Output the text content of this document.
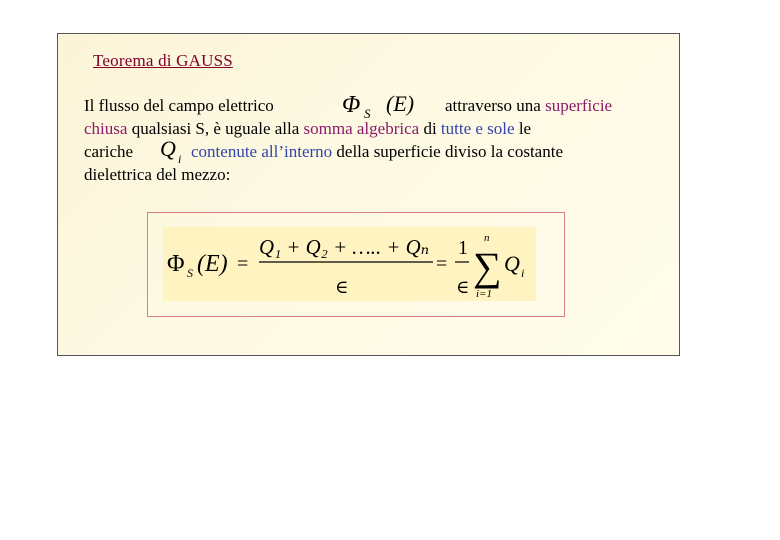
Teorema di GAUSS
Il flusso del campo elettrico	Φ S (E) attraverso una superficie
chiusa qualsiasi S, è uguale alla somma algebrica di tutte e sole le
cariche Q i contenute all’interno della superficie diviso la costante
dielettrica del mezzo:
Φ S (E) =
Q₁ + Q₂ + ….. + Qₙ
∈
=
1
∈
n
∑
i=1
Q i
